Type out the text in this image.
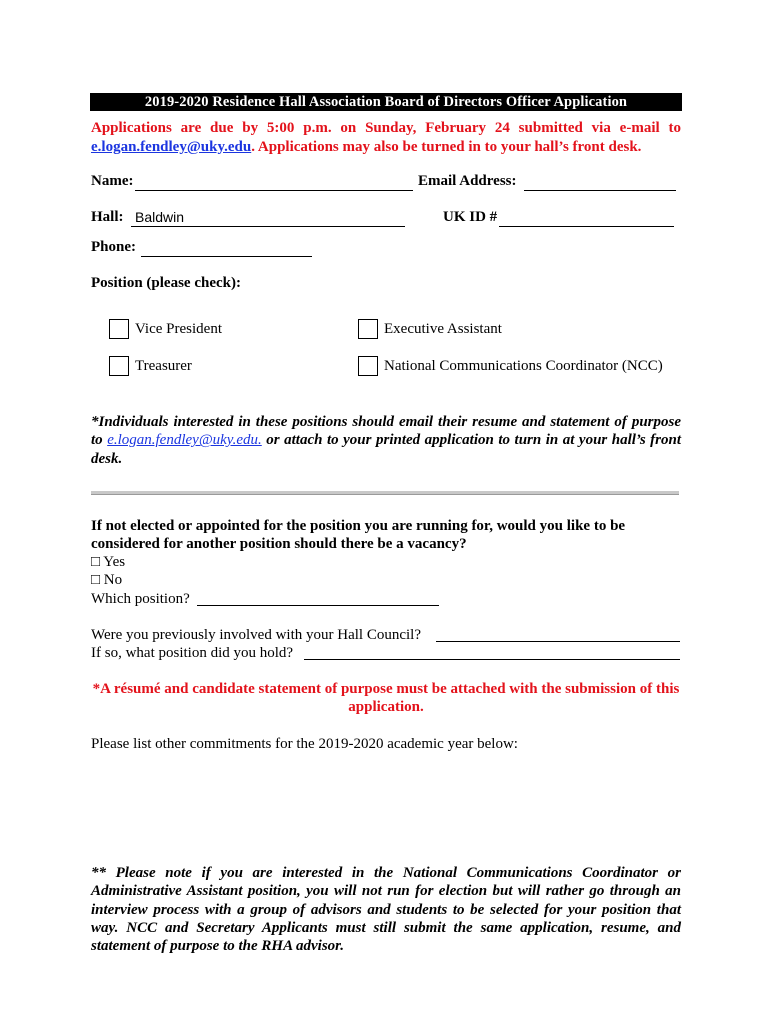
2019-2020 Residence Hall Association Board of Directors Officer Application
Applications are due by 5:00 p.m. on Sunday, February 24 submitted via e-mail to e.logan.fendley@uky.edu. Applications may also be turned in to your hall’s front desk.
Name:	Email Address:
Hall: Baldwin	UK ID #
Phone:
Position (please check):
Vice President	Executive Assistant
Treasurer	National Communications Coordinator (NCC)
*Individuals interested in these positions should email their resume and statement of purpose to e.logan.fendley@uky.edu. or attach to your printed application to turn in at your hall’s front desk.
If not elected or appointed for the position you are running for, would you like to be considered for another position should there be a vacancy?
□ Yes
□ No
Which position?
Were you previously involved with your Hall Council?
If so, what position did you hold?
*A résumé and candidate statement of purpose must be attached with the submission of this application.
Please list other commitments for the 2019-2020 academic year below:
** Please note if you are interested in the National Communications Coordinator or Administrative Assistant position, you will not run for election but will rather go through an interview process with a group of advisors and students to be selected for your position that way. NCC and Secretary Applicants must still submit the same application, resume, and statement of purpose to the RHA advisor.
